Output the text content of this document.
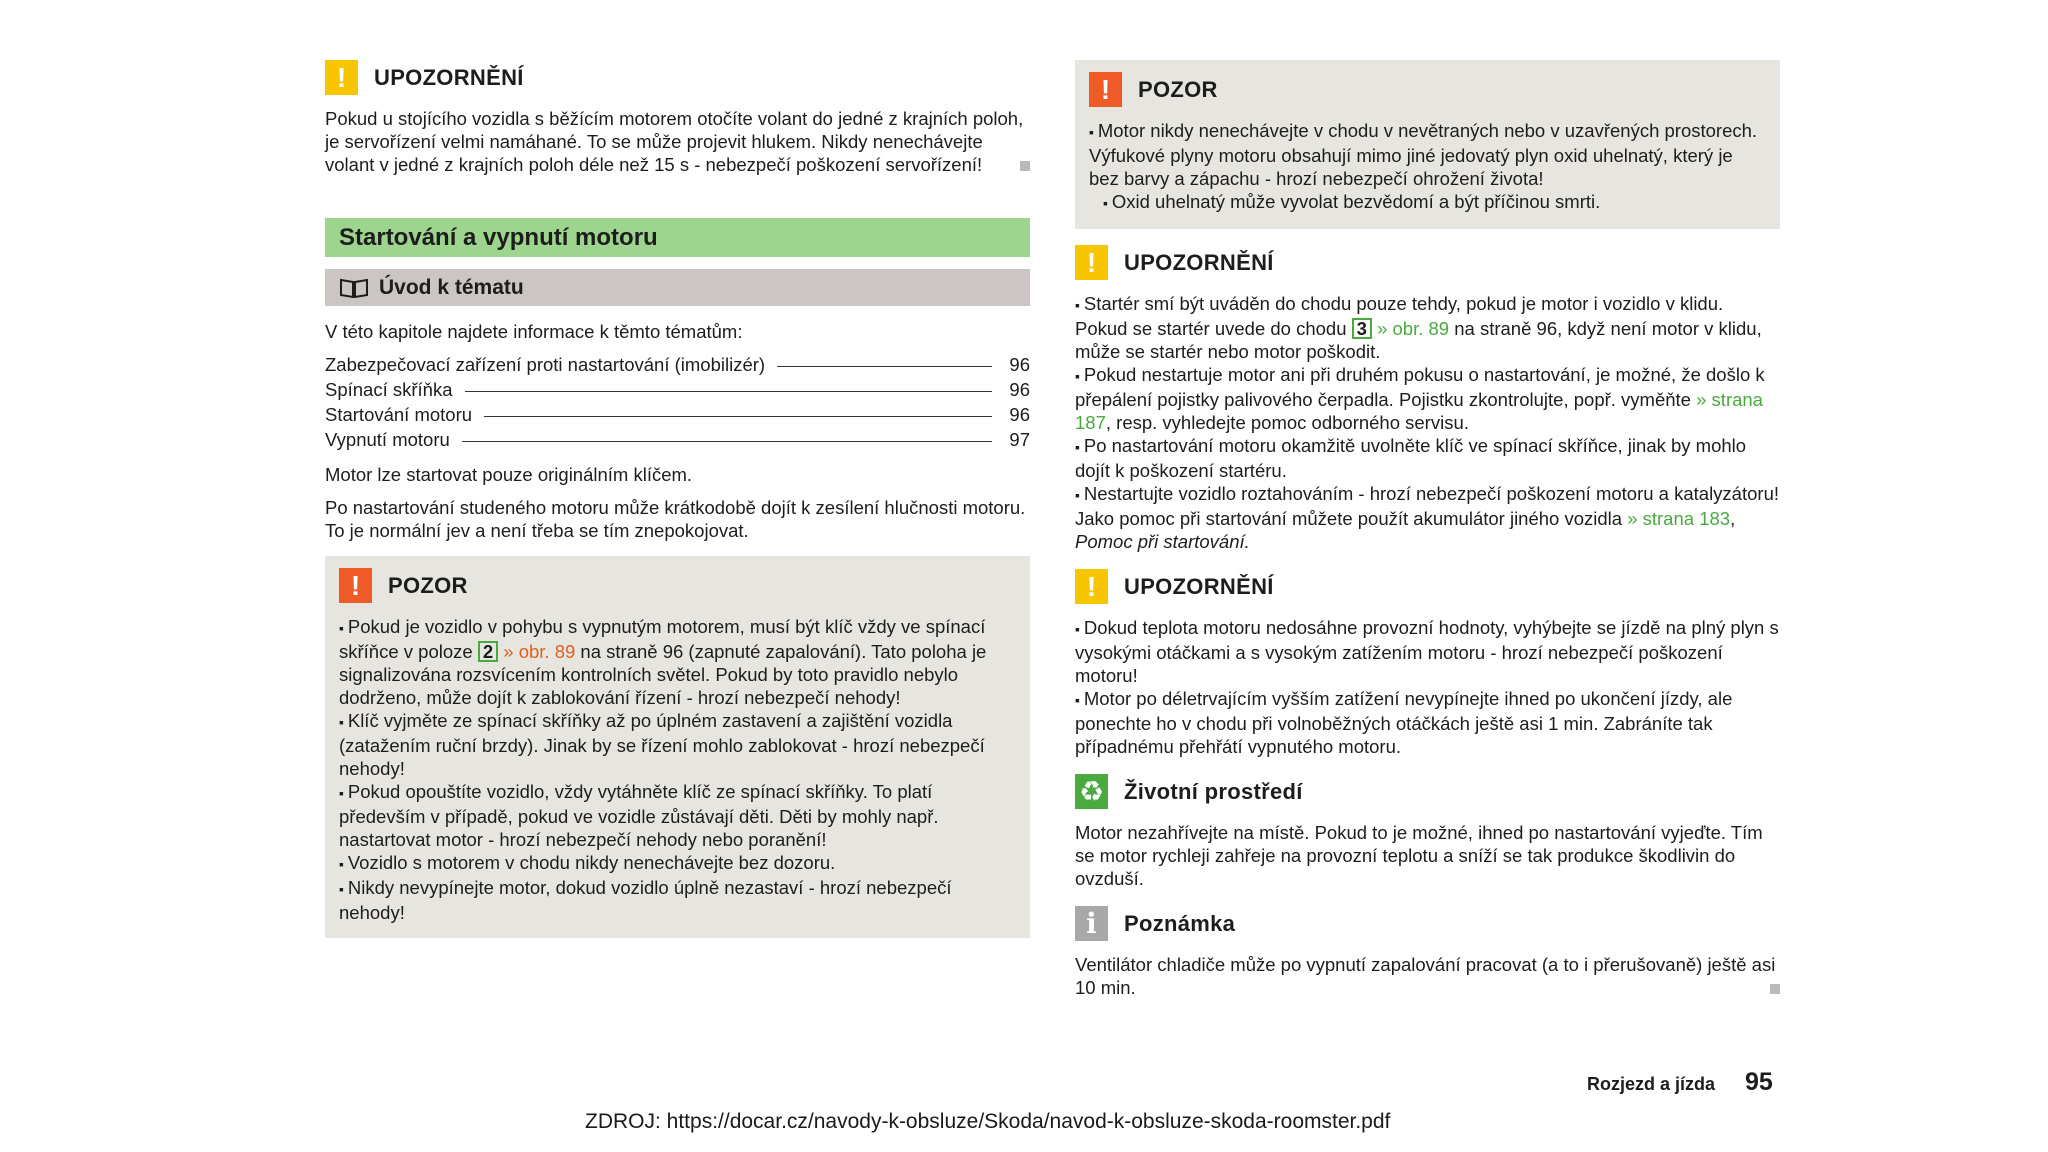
!	UPOZORNĚNÍ

Pokud u stojícího vozidla s běžícím motorem otočíte volant do jedné z krajních poloh, je servořízení velmi namáhané. To se může projevit hlukem. Nikdy nenechávejte volant v jedné z krajních poloh déle než 15 s - nebezpečí poškození servořízení!

Startování a vypnutí motoru
Úvod k tématu

V této kapitole najdete informace k těmto tématům:

Zabezpečovací zařízení proti nastartování (imobilizér)	96
Spínací skříňka	96
Startování motoru	96
Vypnutí motoru	97

Motor lze startovat pouze originálním klíčem.

Po nastartování studeného motoru může krátkodobě dojít k zesílení hlučnosti motoru. To je normální jev a není třeba se tím znepokojovat.

!	POZOR

▪ Pokud je vozidlo v pohybu s vypnutým motorem, musí být klíč vždy ve spínací skříňce v poloze 2 » obr. 89 na straně 96 (zapnuté zapalování). Tato poloha je signalizována rozsvícením kontrolních světel. Pokud by toto pravidlo nebylo dodrženo, může dojít k zablokování řízení - hrozí nebezpečí nehody!

▪ Klíč vyjměte ze spínací skříňky až po úplném zastavení a zajištění vozidla (zatažením ruční brzdy). Jinak by se řízení mohlo zablokovat - hrozí nebezpečí nehody!

▪ Pokud opouštíte vozidlo, vždy vytáhněte klíč ze spínací skříňky. To platí především v případě, pokud ve vozidle zůstávají děti. Děti by mohly např. nastartovat motor - hrozí nebezpečí nehody nebo poranění!

▪ Vozidlo s motorem v chodu nikdy nenechávejte bez dozoru.

▪ Nikdy nevypínejte motor, dokud vozidlo úplně nezastaví - hrozí nebezpečí nehody!

!	POZOR

▪ Motor nikdy nenechávejte v chodu v nevětraných nebo v uzavřených prostorech. Výfukové plyny motoru obsahují mimo jiné jedovatý plyn oxid uhelnatý, který je bez barvy a zápachu - hrozí nebezpečí ohrožení života!

▪ Oxid uhelnatý může vyvolat bezvědomí a být příčinou smrti.

!	UPOZORNĚNÍ

▪ Startér smí být uváděn do chodu pouze tehdy, pokud je motor i vozidlo v klidu. Pokud se startér uvede do chodu 3 » obr. 89 na straně 96, když není motor v klidu, může se startér nebo motor poškodit.

▪ Pokud nestartuje motor ani při druhém pokusu o nastartování, je možné, že došlo k přepálení pojistky palivového čerpadla. Pojistku zkontrolujte, popř. vyměňte » strana 187, resp. vyhledejte pomoc odborného servisu.

▪ Po nastartování motoru okamžitě uvolněte klíč ve spínací skříňce, jinak by mohlo dojít k poškození startéru.

▪ Nestartujte vozidlo roztahováním - hrozí nebezpečí poškození motoru a katalyzátoru! Jako pomoc při startování můžete použít akumulátor jiného vozidla » strana 183, Pomoc při startování.

!	UPOZORNĚNÍ

▪ Dokud teplota motoru nedosáhne provozní hodnoty, vyhýbejte se jízdě na plný plyn s vysokými otáčkami a s vysokým zatížením motoru - hrozí nebezpečí poškození motoru!

▪ Motor po déletrvajícím vyšším zatížení nevypínejte ihned po ukončení jízdy, ale ponechte ho v chodu při volnoběžných otáčkách ještě asi 1 min. Zabráníte tak případnému přehřátí vypnutého motoru.

♻ Životní prostředí

Motor nezahřívejte na místě. Pokud to je možné, ihned po nastartování vyjeďte. Tím se motor rychleji zahřeje na provozní teplotu a sníží se tak produkce škodlivin do ovzduší.

i	Poznámka

Ventilátor chladiče může po vypnutí zapalování pracovat (a to i přerušovaně) ještě asi 10 min.

Rozjezd a jízda 95
ZDROJ: https://docar.cz/navody-k-obsluze/Skoda/navod-k-obsluze-skoda-roomster.pdf
